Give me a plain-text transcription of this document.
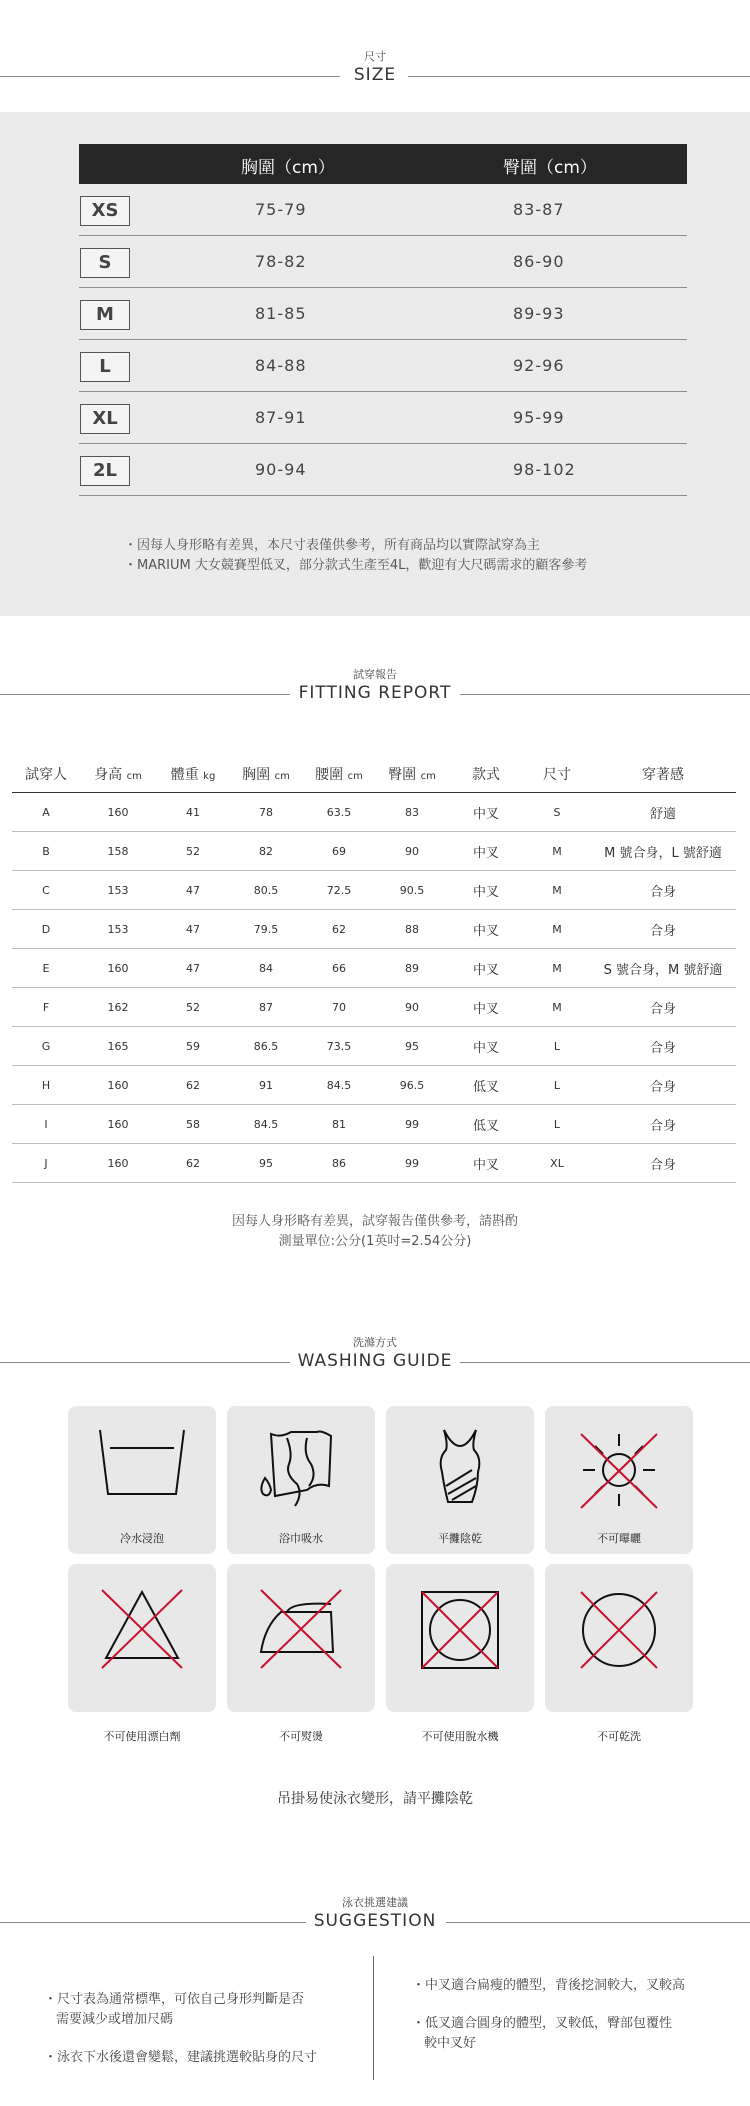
尺寸
SIZE
胸圍（cm）	臀圍（cm）
XS	75-79	83-87
S	78-82	86-90
M	81-85	89-93
L	84-88	92-96
XL	87-91	95-99
2L	90-94	98-102
・因每人身形略有差異，本尺寸表僅供參考，所有商品均以實際試穿為主
・MARIUM 大女競賽型低叉，部分款式生產至4L，歡迎有大尺碼需求的顧客參考
試穿報告
FITTING REPORT
試穿人	身高 cm	體重 kg	胸圍 cm	腰圍 cm	臀圍 cm	款式	尺寸	穿著感
A	160	41	78	63.5	83	中叉	S	舒適
B	158	52	82	69	90	中叉	M	M 號合身，L 號舒適
C	153	47	80.5	72.5	90.5	中叉	M	合身
D	153	47	79.5	62	88	中叉	M	合身
E	160	47	84	66	89	中叉	M	S 號合身，M 號舒適
F	162	52	87	70	90	中叉	M	合身
G	165	59	86.5	73.5	95	中叉	L	合身
H	160	62	91	84.5	96.5	低叉	L	合身
I	160	58	84.5	81	99	低叉	L	合身
J	160	62	95	86	99	中叉	XL	合身
因每人身形略有差異，試穿報告僅供參考，請斟酌
測量單位:公分(1英吋=2.54公分)
洗滌方式
WASHING GUIDE
冷水浸泡	浴巾吸水	平攤陰乾	不可曝曬
不可使用漂白劑	不可熨燙	不可使用脫水機	不可乾洗
吊掛易使泳衣變形，請平攤陰乾
泳衣挑選建議
SUGGESTION

・尺寸表為通常標準，可依自己身形判斷是否
需要減少或增加尺碼

・泳衣下水後還會變鬆，建議挑選較貼身的尺寸

・中叉適合扁瘦的體型，背後挖洞較大，叉較高

・低叉適合圓身的體型，叉較低，臀部包覆性
較中叉好
